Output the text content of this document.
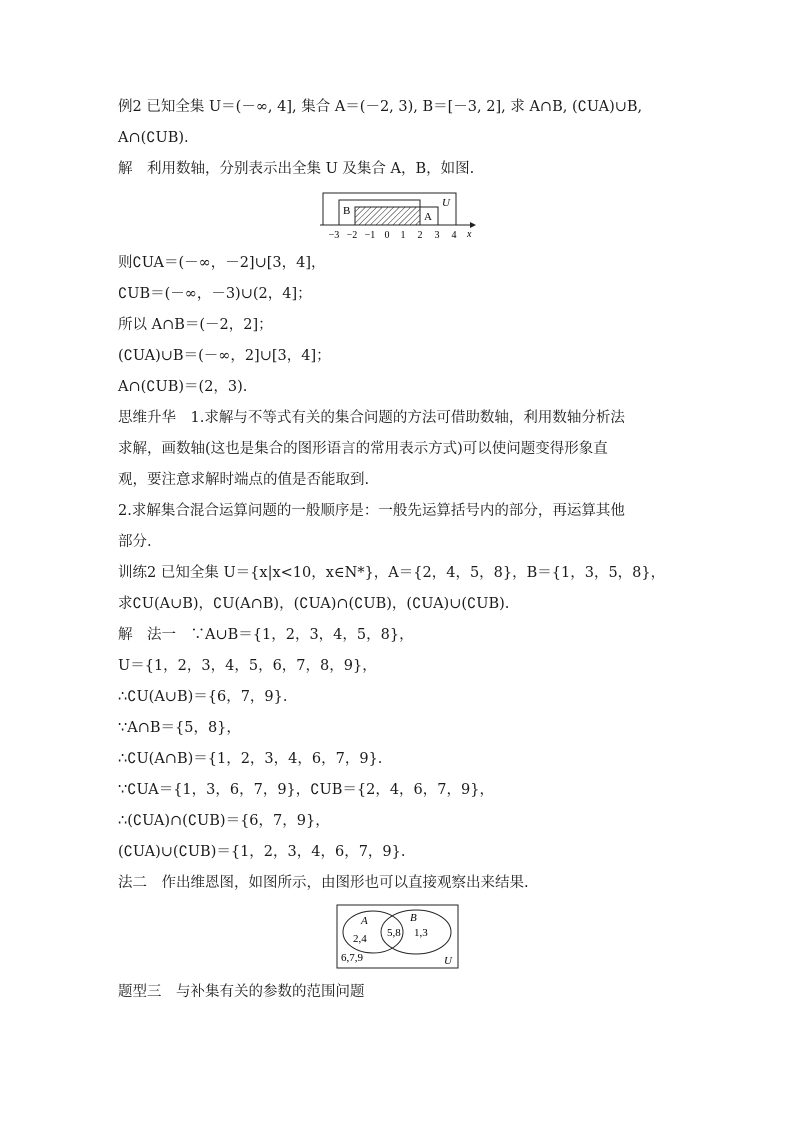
例2 已知全集 U＝(－∞, 4], 集合 A＝(－2, 3), B＝[－3, 2], 求 A∩B, (∁UA)∪B,
A∩(∁UB).
解　利用数轴，分别表示出全集 U 及集合 A，B，如图.
B	A
U
−3 −2 −1 0 1 2 3 4 x
则∁UA＝(－∞，－2]∪[3，4]，
∁UB＝(－∞，－3)∪(2，4]；
所以 A∩B＝(－2，2]；
(∁UA)∪B＝(－∞，2]∪[3，4]；
A∩(∁UB)＝(2，3).
思维升华　1.求解与不等式有关的集合问题的方法可借助数轴，利用数轴分析法
求解，画数轴(这也是集合的图形语言的常用表示方式)可以使问题变得形象直
观，要注意求解时端点的值是否能取到.
2.求解集合混合运算问题的一般顺序是：一般先运算括号内的部分，再运算其他
部分.
训练2 已知全集 U＝{x|x<10，x∈N*}，A＝{2，4，5，8}，B＝{1，3，5，8}，
求∁U(A∪B)，∁U(A∩B)，(∁UA)∩(∁UB)，(∁UA)∪(∁UB).
解　法一　∵A∪B＝{1，2，3，4，5，8}，
U＝{1，2，3，4，5，6，7，8，9}，
∴∁U(A∪B)＝{6，7，9}.
∵A∩B＝{5，8}，
∴∁U(A∩B)＝{1，2，3，4，6，7，9}.
∵∁UA＝{1，3，6，7，9}，∁UB＝{2，4，6，7，9}，
∴(∁UA)∩(∁UB)＝{6，7，9}，
(∁UA)∪(∁UB)＝{1，2，3，4，6，7，9}.
法二　作出维恩图，如图所示，由图形也可以直接观察出来结果.
A	B
2,4 5,8 1,3
6,7,9	U
题型三　与补集有关的参数的范围问题
